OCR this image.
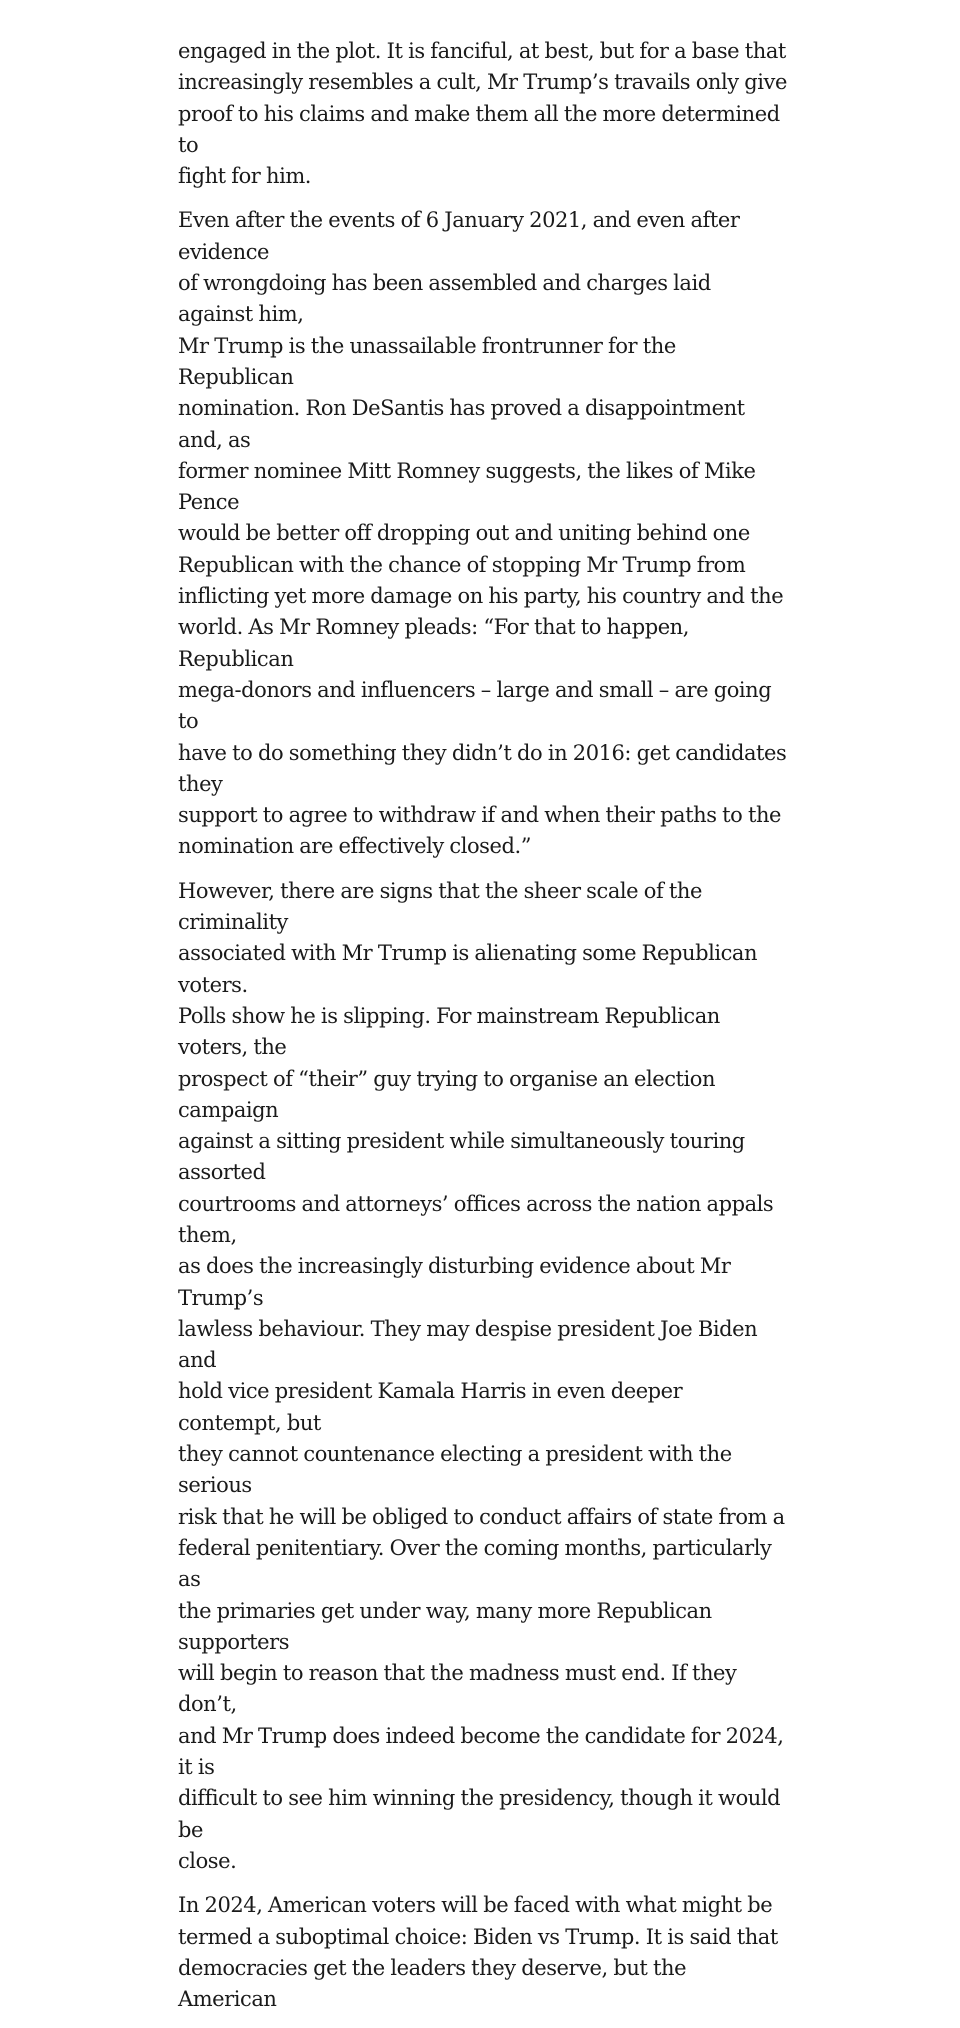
engaged in the plot. It is fanciful, at best, but for a base that
increasingly resembles a cult, Mr Trump’s travails only give
proof to his claims and make them all the more determined to
fight for him.

Even after the events of 6 January 2021, and even after evidence
of wrongdoing has been assembled and charges laid against him,
Mr Trump is the unassailable frontrunner for the Republican
nomination. Ron DeSantis has proved a disappointment and, as
former nominee Mitt Romney suggests, the likes of Mike Pence
would be better off dropping out and uniting behind one
Republican with the chance of stopping Mr Trump from
inflicting yet more damage on his party, his country and the
world. As Mr Romney pleads: “For that to happen, Republican
mega-donors and influencers – large and small – are going to
have to do something they didn’t do in 2016: get candidates they
support to agree to withdraw if and when their paths to the
nomination are effectively closed.”

However, there are signs that the sheer scale of the criminality
associated with Mr Trump is alienating some Republican voters.
Polls show he is slipping. For mainstream Republican voters, the
prospect of “their” guy trying to organise an election campaign
against a sitting president while simultaneously touring assorted
courtrooms and attorneys’ offices across the nation appals them,
as does the increasingly disturbing evidence about Mr Trump’s
lawless behaviour. They may despise president Joe Biden and
hold vice president Kamala Harris in even deeper contempt, but
they cannot countenance electing a president with the serious
risk that he will be obliged to conduct affairs of state from a
federal penitentiary. Over the coming months, particularly as
the primaries get under way, many more Republican supporters
will begin to reason that the madness must end. If they don’t,
and Mr Trump does indeed become the candidate for 2024, it is
difficult to see him winning the presidency, though it would be
close.

In 2024, American voters will be faced with what might be
termed a suboptimal choice: Biden vs Trump. It is said that
democracies get the leaders they deserve, but the American
